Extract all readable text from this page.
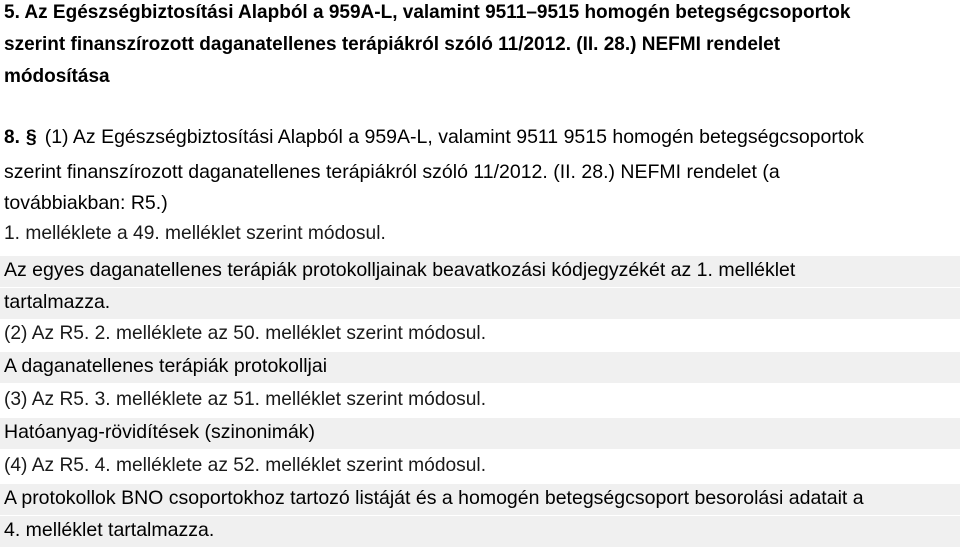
5. Az Egészségbiztosítási Alapból a 959A-L, valamint 9511–9515 homogén betegségcsoportok

szerint finanszírozott daganatellenes terápiákról szóló 11/2012. (II. 28.) NEFMI rendelet

módosítása

8. § (1) Az Egészségbiztosítási Alapból a 959A-L, valamint 9511 9515 homogén betegségcsoportok

szerint finanszírozott daganatellenes terápiákról szóló 11/2012. (II. 28.) NEFMI rendelet (a

továbbiakban: R5.)

1. melléklete a 49. melléklet szerint módosul.

Az egyes daganatellenes terápiák protokolljainak beavatkozási kódjegyzékét az 1. melléklet

tartalmazza.

(2) Az R5. 2. melléklete az 50. melléklet szerint módosul.

A daganatellenes terápiák protokolljai

(3) Az R5. 3. melléklete az 51. melléklet szerint módosul.

Hatóanyag-rövidítések (szinonimák)

(4) Az R5. 4. melléklete az 52. melléklet szerint módosul.

A protokollok BNO csoportokhoz tartozó listáját és a homogén betegségcsoport besorolási adatait a

4. melléklet tartalmazza.
